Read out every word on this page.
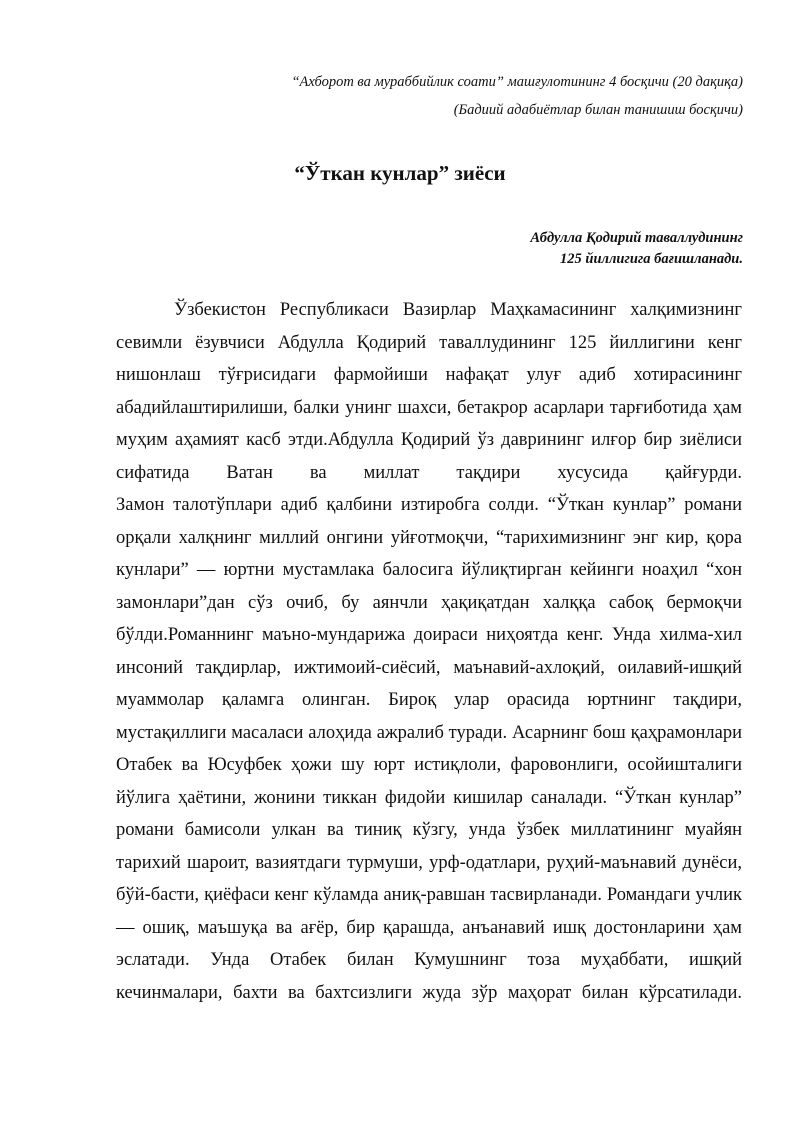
“Ахборот ва мураббийлик соати” машғулотининг 4 босқичи (20 дақиқа)
(Бадиий адабиётлар билан танишиш босқичи)
“Ўткан кунлар” зиёси
Абдулла Қодирий таваллудининг
125 йиллигига бағишланади.
Ўзбекистон Республикаси Вазирлар Маҳкамасининг халқимизнинг
севимли ёзувчиси Абдулла Қодирий таваллудининг 125 йиллигини кенг
нишонлаш тўғрисидаги фармойиши нафақат улуғ адиб хотирасининг
абадийлаштирилиши, балки унинг шахси, бетакрор асарлари тарғиботида ҳам
муҳим аҳамият касб этди.Абдулла Қодирий ўз даврининг илғор бир зиёлиси
сифатида Ватан ва миллат тақдири хусусида қайғурди.
Замон талотўплари адиб қалбини изтиробга солди. “Ўткан кунлар” романи
орқали халқнинг миллий онгини уйғотмоқчи, “тарихимизнинг энг кир, қора
кунлари” — юртни мустамлака балосига йўлиқтирган кейинги ноаҳил “хон
замонлари”дан сўз очиб, бу аянчли ҳақиқатдан халққа сабоқ бермоқчи
бўлди.Романнинг маъно-мундарижа доираси ниҳоятда кенг. Унда хилма-хил
инсоний тақдирлар, ижтимоий-сиёсий, маънавий-ахлоқий, оилавий-ишқий
муаммолар қаламга олинган. Бироқ улар орасида юртнинг тақдири,
мустақиллиги масаласи алоҳида ажралиб туради. Асарнинг бош қаҳрамонлари
Отабек ва Юсуфбек ҳожи шу юрт истиқлоли, фаровонлиги, осойишталиги
йўлига ҳаётини, жонини тиккан фидойи кишилар саналади. “Ўткан кунлар”
романи бамисоли улкан ва тиниқ кўзгу, унда ўзбек миллатининг муайян
тарихий шароит, вазиятдаги турмуши, урф-одатлари, руҳий-маънавий дунёси,
бўй-басти, қиёфаси кенг кўламда аниқ-равшан тасвирланади. Романдаги учлик
— ошиқ, маъшуқа ва ағёр, бир қарашда, анъанавий ишқ достонларини ҳам
эслатади. Унда Отабек билан Кумушнинг тоза муҳаббати, ишқий
кечинмалари, бахти ва бахтсизлиги жуда зўр маҳорат билан кўрсатилади.
